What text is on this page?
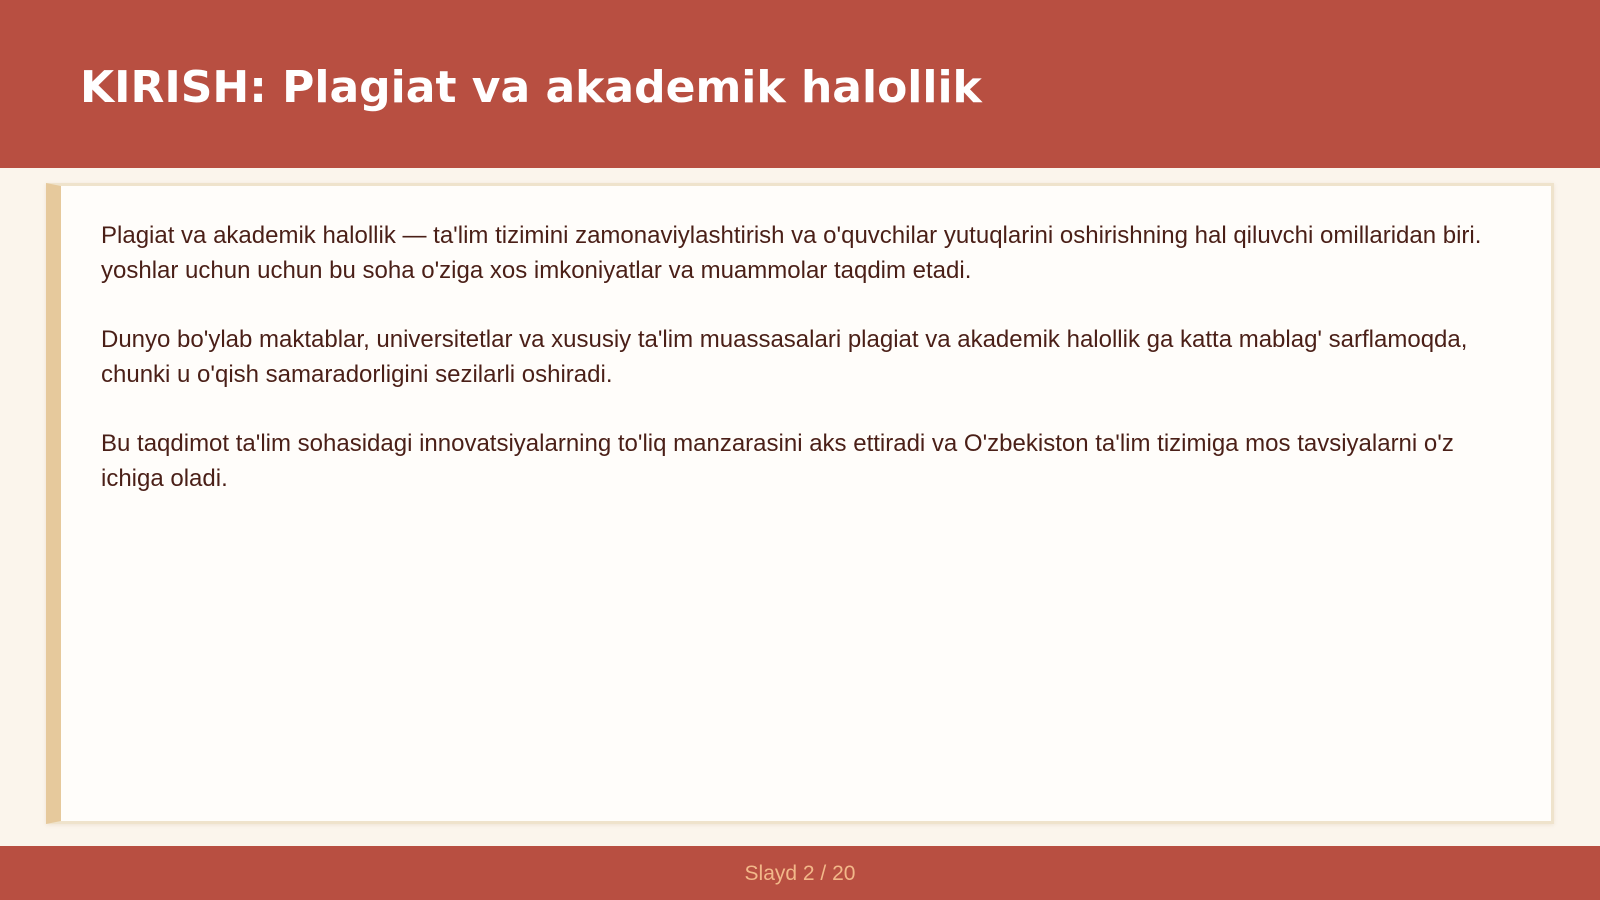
KIRISH: Plagiat va akademik halollik

Plagiat va akademik halollik — ta'lim tizimini zamonaviylashtirish va o'quvchilar yutuqlarini oshirishning hal qiluvchi omillaridan biri. yoshlar uchun uchun bu soha o'ziga xos imkoniyatlar va muammolar taqdim etadi.

Dunyo bo'ylab maktablar, universitetlar va xususiy ta'lim muassasalari plagiat va akademik halollik ga katta mablag' sarflamoqda, chunki u o'qish samaradorligini sezilarli oshiradi.

Bu taqdimot ta'lim sohasidagi innovatsiyalarning to'liq manzarasini aks ettiradi va O'zbekiston ta'lim tizimiga mos tavsiyalarni o'z ichiga oladi.

Slayd 2 / 20
